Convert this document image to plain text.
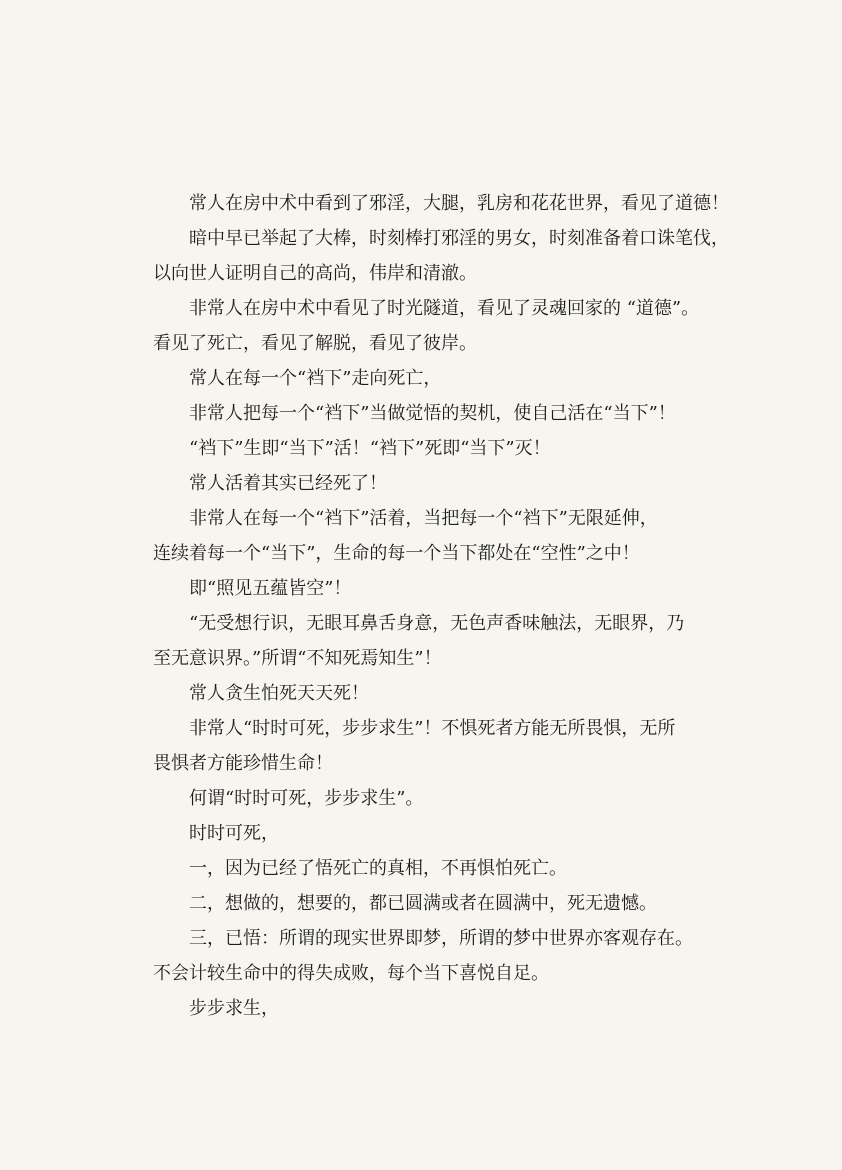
常人在房中术中看到了邪淫，大腿，乳房和花花世界，看见了道德！
暗中早已举起了大棒，时刻棒打邪淫的男女，时刻准备着口诛笔伐，
以向世人证明自己的高尚，伟岸和清澈。
非常人在房中术中看见了时光隧道，看见了灵魂回家的 “道德”。
看见了死亡，看见了解脱，看见了彼岸。
常人在每一个“裆下”走向死亡，
非常人把每一个“裆下”当做觉悟的契机，使自己活在“当下”！
“裆下”生即“当下”活！“裆下”死即“当下”灭！
常人活着其实已经死了！
非常人在每一个“裆下”活着，当把每一个“裆下”无限延伸，
连续着每一个“当下”，生命的每一个当下都处在“空性”之中！
即“照见五蕴皆空”！
“无受想行识，无眼耳鼻舌身意，无色声香味触法，无眼界，乃
至无意识界。”所谓“不知死焉知生”！
常人贪生怕死天天死！
非常人“时时可死，步步求生”！不惧死者方能无所畏惧，无所
畏惧者方能珍惜生命！
何谓“时时可死，步步求生”。
时时可死，
一，因为已经了悟死亡的真相，不再惧怕死亡。
二，想做的，想要的，都已圆满或者在圆满中，死无遗憾。
三，已悟：所谓的现实世界即梦，所谓的梦中世界亦客观存在。
不会计较生命中的得失成败，每个当下喜悦自足。
步步求生，
